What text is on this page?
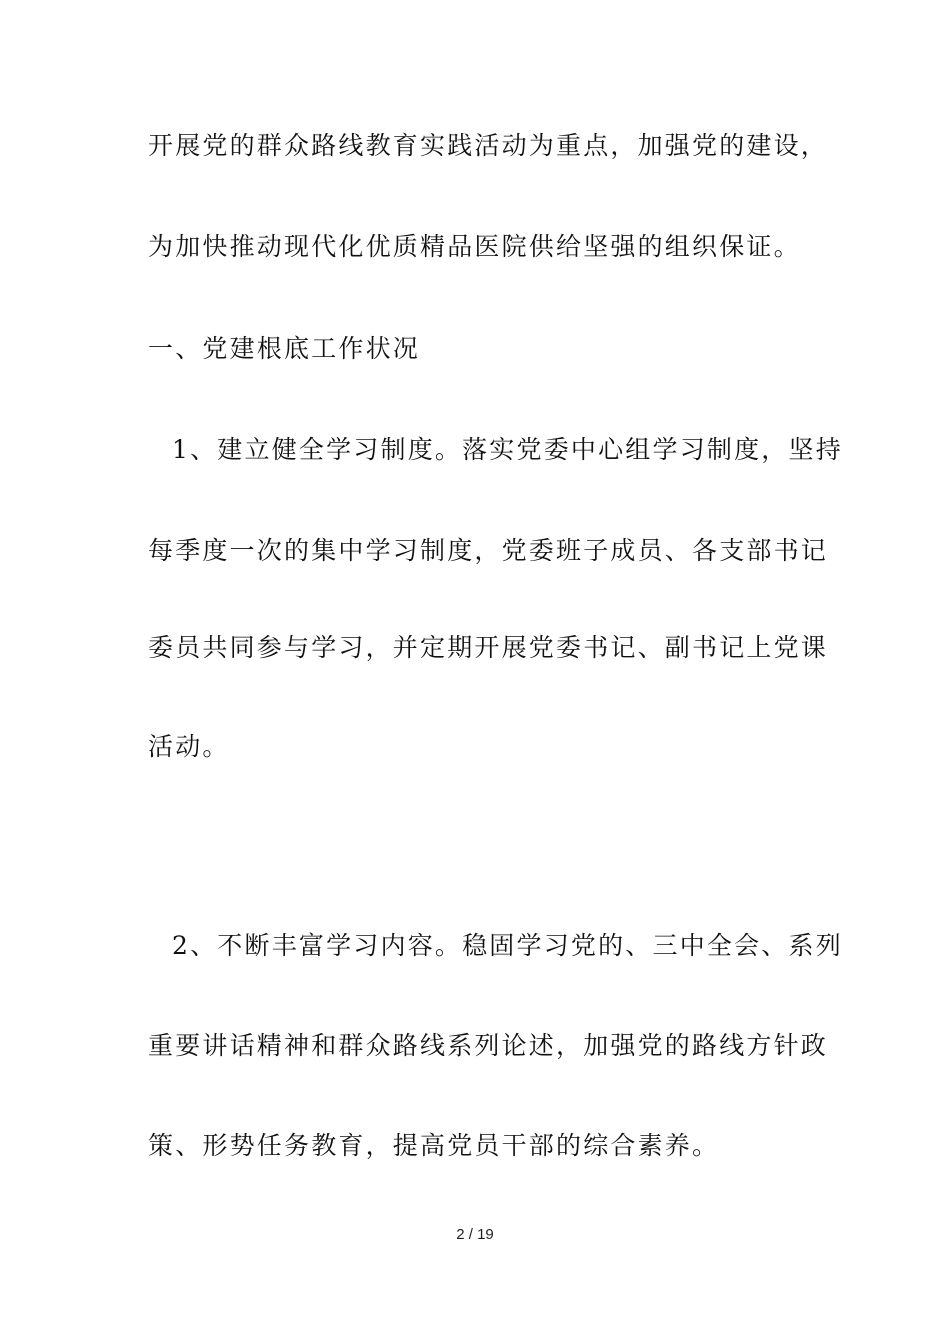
开展党的群众路线教育实践活动为重点，加强党的建设，
为加快推动现代化优质精品医院供给坚强的组织保证。
一、党建根底工作状况
1、建立健全学习制度。落实党委中心组学习制度，坚持
每季度一次的集中学习制度，党委班子成员、各支部书记
委员共同参与学习，并定期开展党委书记、副书记上党课
活动。
2、不断丰富学习内容。稳固学习党的、三中全会、系列
重要讲话精神和群众路线系列论述，加强党的路线方针政
策、形势任务教育，提高党员干部的综合素养。
2 / 19
